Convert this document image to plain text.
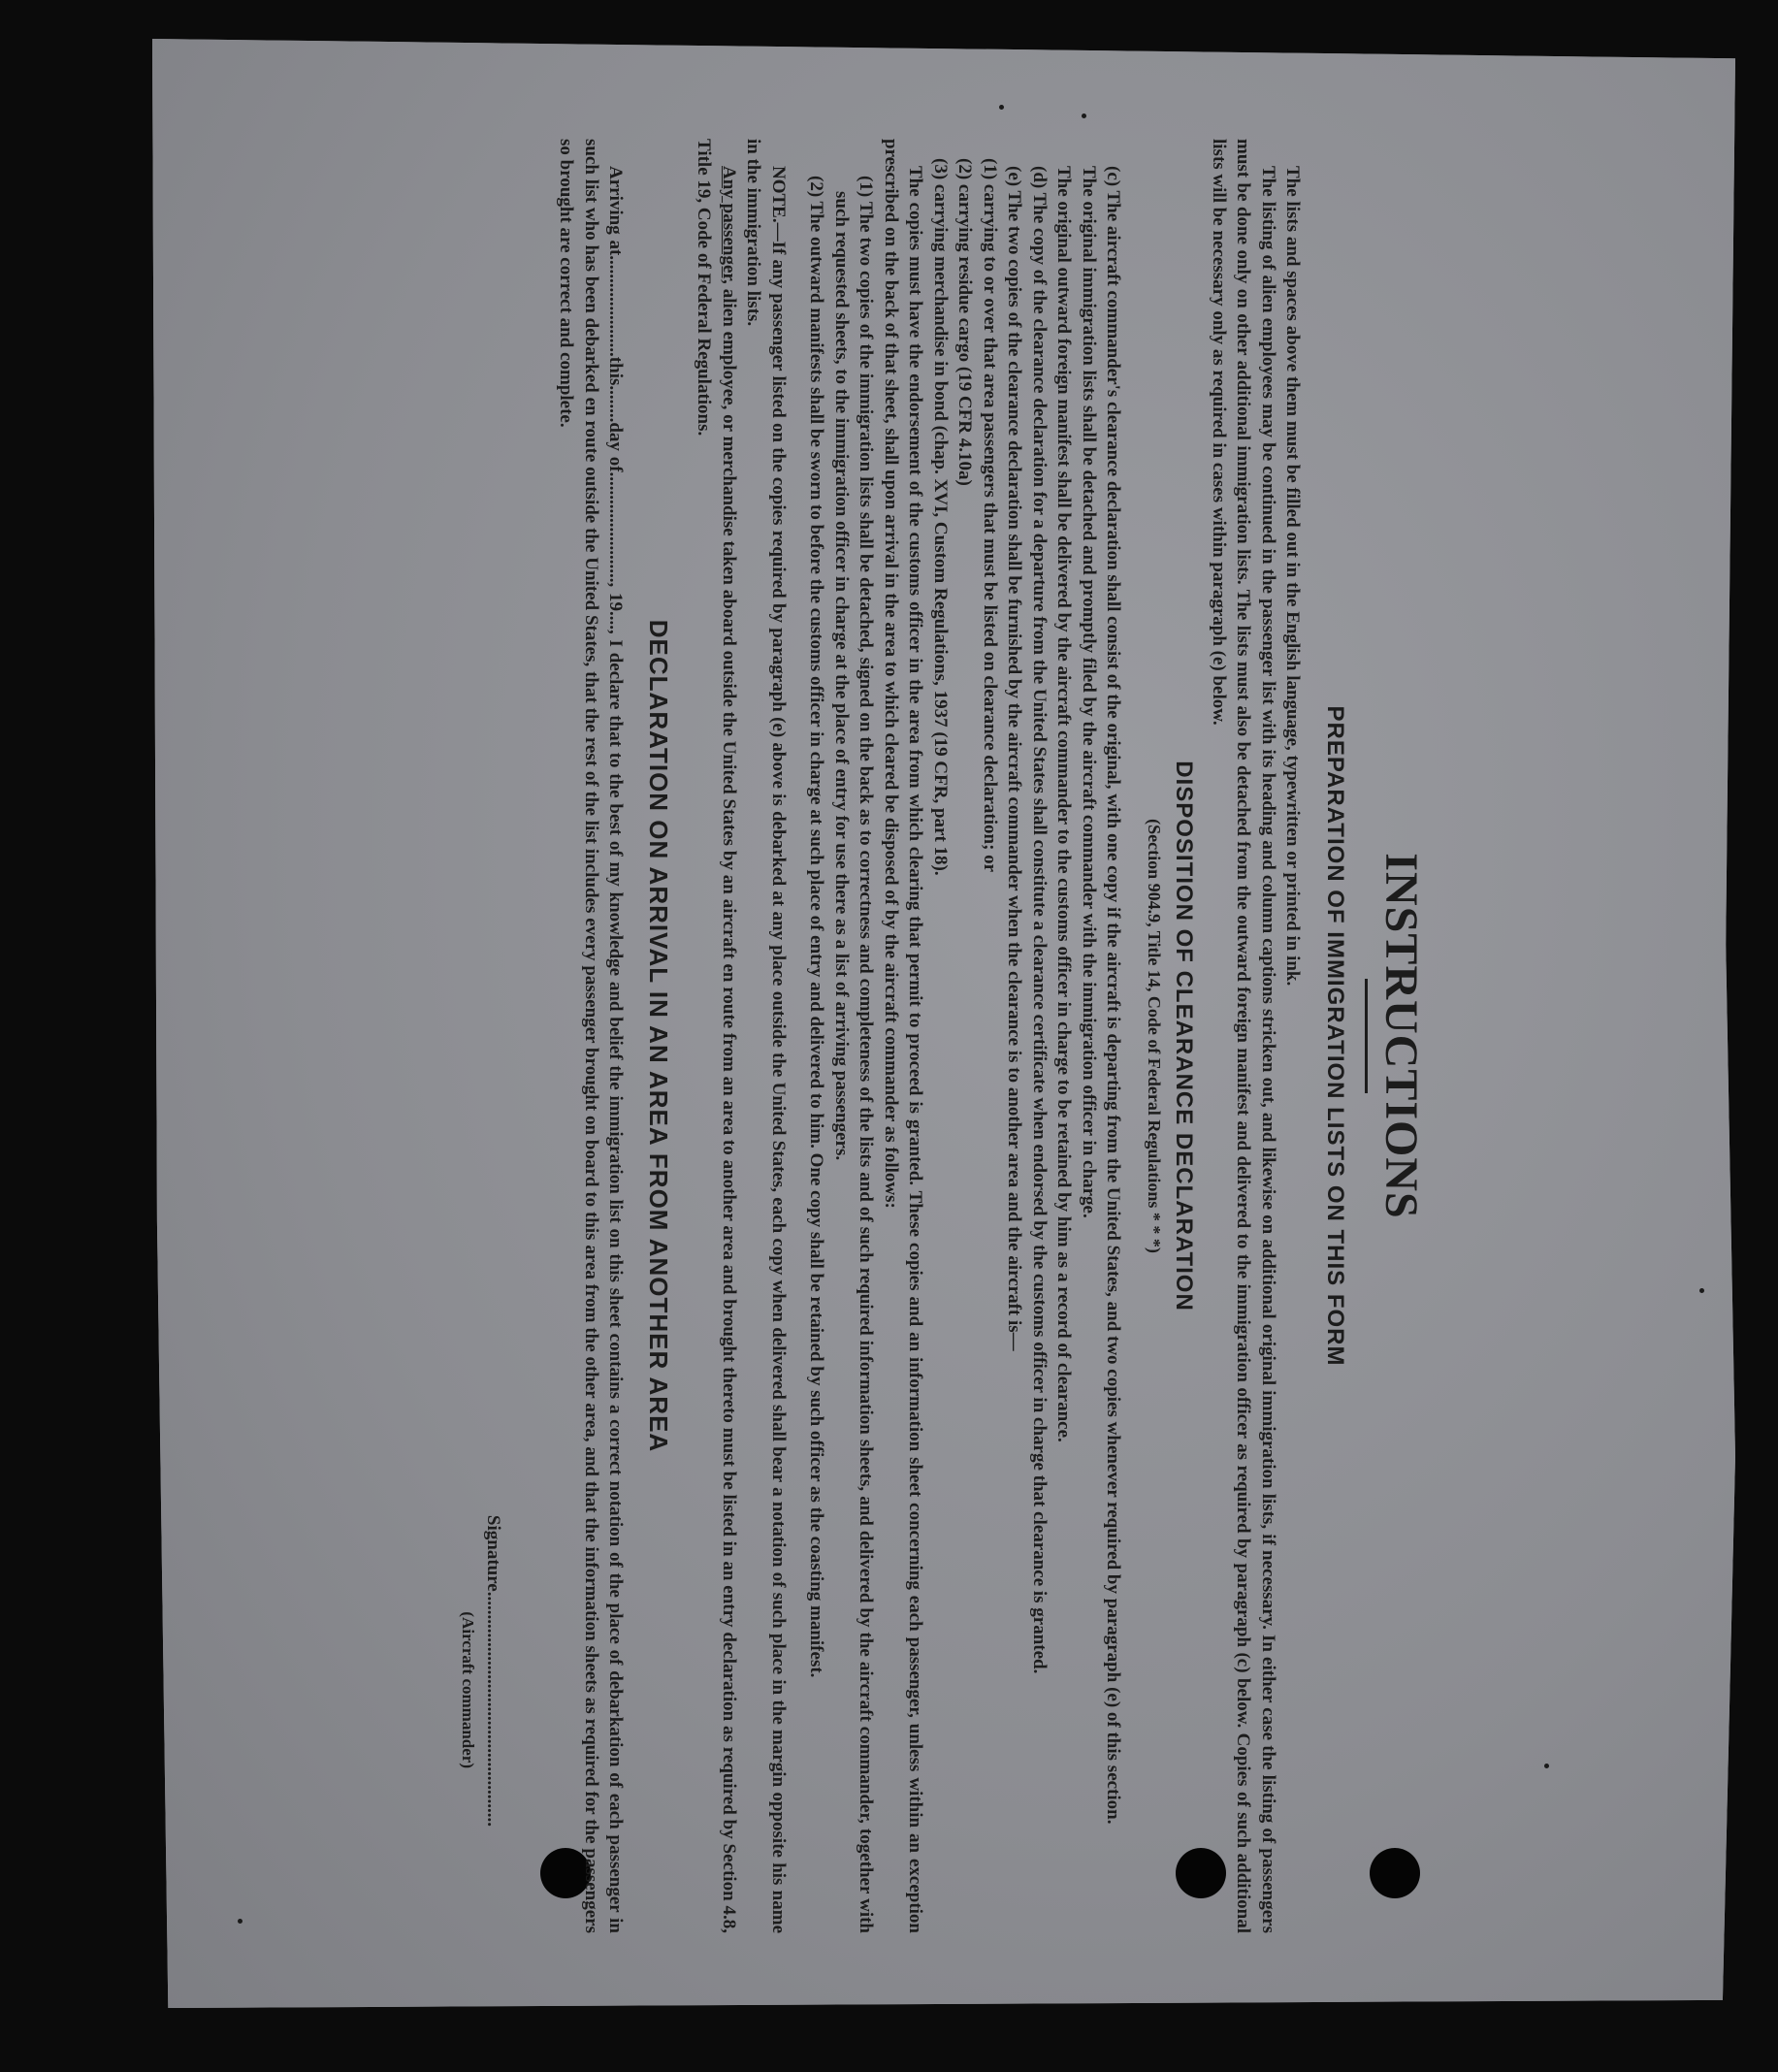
INSTRUCTIONS
PREPARATION OF IMMIGRATION LISTS ON THIS FORM

The lists and spaces above them must be filled out in the English language, typewritten or printed in ink.

The listing of alien employees may be continued in the passenger list with its heading and column captions stricken out, and likewise on additional original immigration lists, if necessary. In either case the listing of passengers must be done only on other additional immigration lists. The lists must also be detached from the outward foreign manifest and delivered to the immigration officer as required by paragraph (c) below. Copies of such additional lists will be necessary only as required in cases within paragraph (e) below.

DISPOSITION OF CLEARANCE DECLARATION
(Section 904.9, Title 14, Code of Federal Regulations * * *)

(c) The aircraft commander's clearance declaration shall consist of the original, with one copy if the aircraft is departing from the United States, and two copies whenever required by paragraph (e) of this section.

The original immigration lists shall be detached and promptly filed by the aircraft commander with the immigration officer in charge.

The original outward foreign manifest shall be delivered by the aircraft commander to the customs officer in charge to be retained by him as a record of clearance.

(d) The copy of the clearance declaration for a departure from the United States shall constitute a clearance certificate when endorsed by the customs officer in charge that clearance is granted.

(e) The two copies of the clearance declaration shall be furnished by the aircraft commander when the clearance is to another area and the aircraft is—

(1) carrying to or over that area passengers that must be listed on clearance declaration; or

(2) carrying residue cargo (19 CFR 4.10a)

(3) carrying merchandise in bond (chap. XVI, Custom Regulations, 1937 (19 CFR, part 18).

The copies must have the endorsement of the customs officer in the area from which clearing that permit to proceed is granted. These copies and an information sheet concerning each passenger, unless within an exception prescribed on the back of that sheet, shall upon arrival in the area to which cleared be disposed of by the aircraft commander as follows:

(1) The two copies of the immigration lists shall be detached, signed on the back as to correctness and completeness of the lists and of such required information sheets, and delivered by the aircraft commander, together with such requested sheets, to the immigration officer in charge at the place of entry for use there as a list of arriving passengers.

(2) The outward manifests shall be sworn to before the customs officer in charge at such place of entry and delivered to him. One copy shall be retained by such officer as the coasting manifest.

NOTE.—If any passenger listed on the copies required by paragraph (e) above is debarked at any place outside the United States, each copy when delivered shall bear a notation of such place in the margin opposite his name in the immigration lists.

Any passenger, alien employee, or merchandise taken aboard outside the United States by an aircraft en route from an area to another area and brought thereto must be listed in an entry declaration as required by Section 4.8, Title 19, Code of Federal Regulations.

DECLARATION ON ARRIVAL IN AN AREA FROM ANOTHER AREA

Arriving at......................this........day of........................, 19...., I declare that to the best of my knowledge and belief the immigration list on this sheet contains a correct notation of the place of debarkation of each passenger in such list who has been debarked en route outside the United States, that the rest of the list includes every passenger brought on board to this area from the other area, and that the information sheets as required for the passengers so brought are correct and complete.

Signature...................................................
(Aircraft commander)
